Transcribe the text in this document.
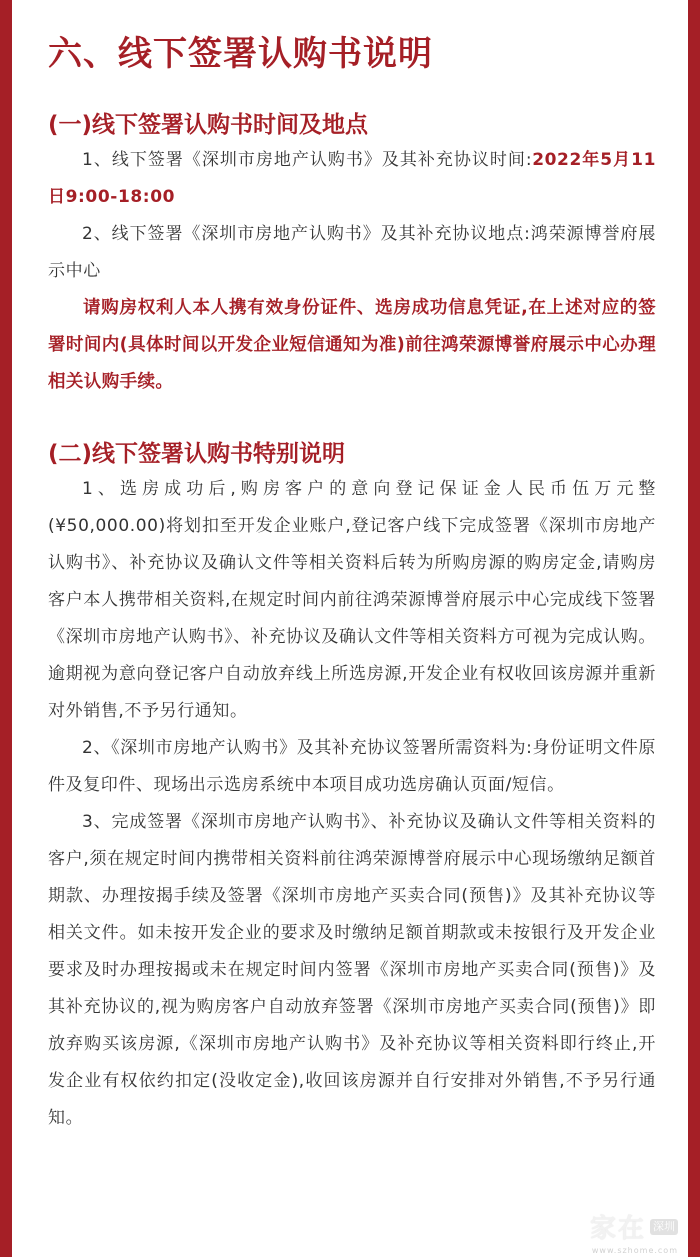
六、线下签署认购书说明
(一)线下签署认购书时间及地点

1、线下签署《深圳市房地产认购书》及其补充协议时间:2022年5月11日9:00-18:00

2、线下签署《深圳市房地产认购书》及其补充协议地点:鸿荣源博誉府展示中心

请购房权利人本人携有效身份证件、选房成功信息凭证,在上述对应的签署时间内(具体时间以开发企业短信通知为准)前往鸿荣源博誉府展示中心办理相关认购手续。

(二)线下签署认购书特别说明

1、选房成功后,购房客户的意向登记保证金人民币伍万元整(¥50,000.00)将划扣至开发企业账户,登记客户线下完成签署《深圳市房地产认购书》、补充协议及确认文件等相关资料后转为所购房源的购房定金,请购房客户本人携带相关资料,在规定时间内前往鸿荣源博誉府展示中心完成线下签署 《深圳市房地产认购书》、补充协议及确认文件等相关资料方可视为完成认购。逾期视为意向登记客户自动放弃线上所选房源,开发企业有权收回该房源并重新对外销售,不予另行通知。

2、《深圳市房地产认购书》及其补充协议签署所需资料为:身份证明文件原件及复印件、现场出示选房系统中本项目成功选房确认页面/短信。

3、完成签署《深圳市房地产认购书》、补充协议及确认文件等相关资料的客户,须在规定时间内携带相关资料前往鸿荣源博誉府展示中心现场缴纳足额首期款、办理按揭手续及签署《深圳市房地产买卖合同(预售)》及其补充协议等相关文件。如未按开发企业的要求及时缴纳足额首期款或未按银行及开发企业要求及时办理按揭或未在规定时间内签署《深圳市房地产买卖合同(预售)》及其补充协议的,视为购房客户自动放弃签署《深圳市房地产买卖合同(预售)》即放弃购买该房源,《深圳市房地产认购书》及补充协议等相关资料即行终止,开发企业有权依约扣定(没收定金),收回该房源并自行安排对外销售,不予另行通知。

家在 深圳
www.szhome.com
